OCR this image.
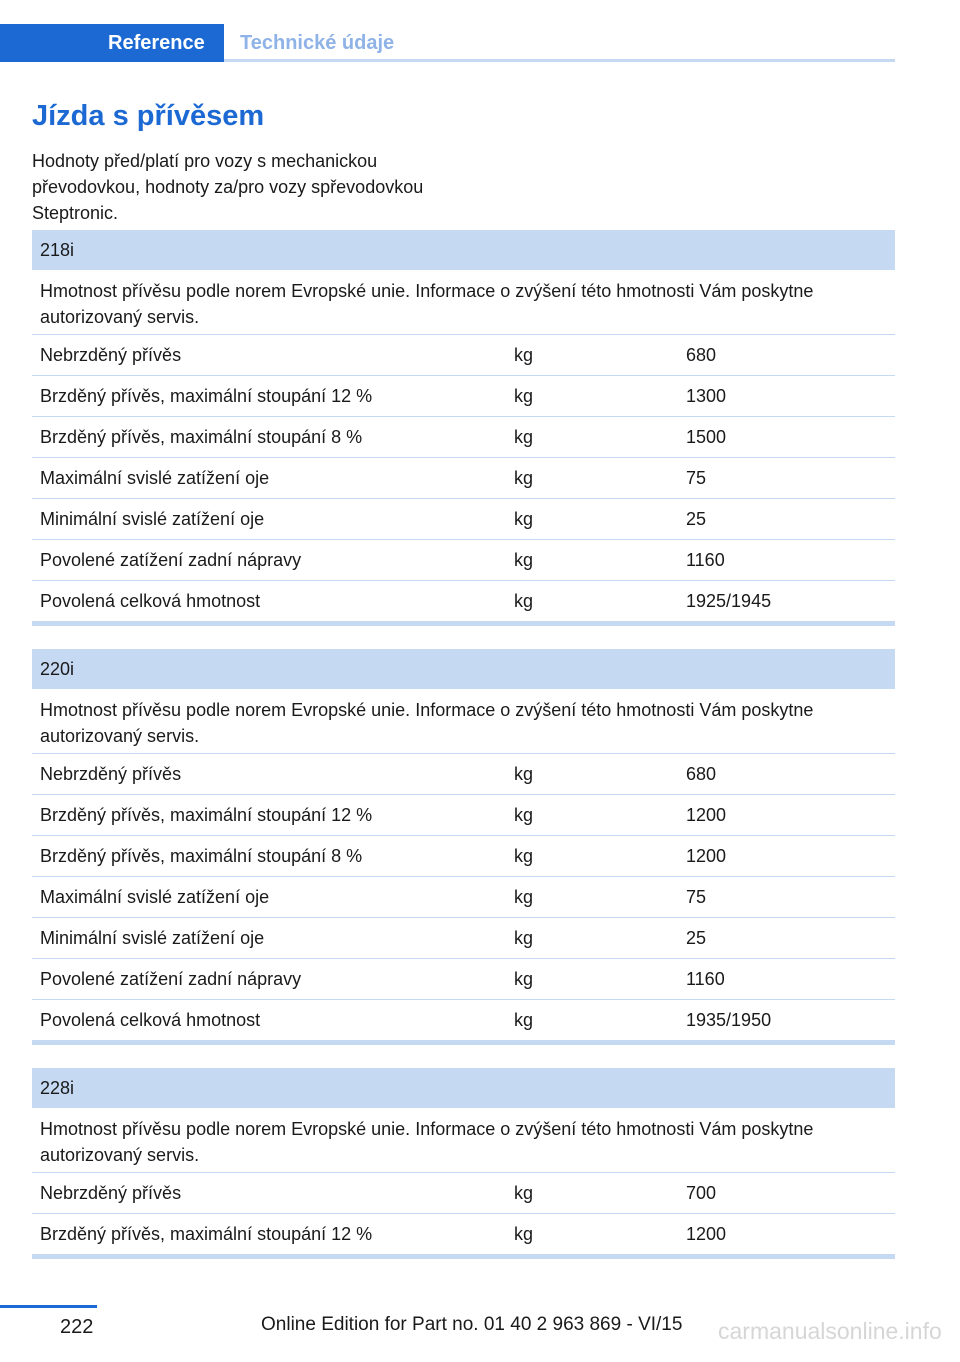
Reference	Technické údaje
Jízda s přívěsem
Hodnoty před/platí pro vozy s mechanickou převodovkou, hodnoty za/pro vozy spřevodovkou Steptronic.
218i
Hmotnost přívěsu podle norem Evropské unie. Informace o zvýšení této hmotnosti Vám poskytne autorizovaný servis.
Nebrzděný přívěs	kg	680
Brzděný přívěs, maximální stoupání 12 %	kg	1300
Brzděný přívěs, maximální stoupání 8 %	kg	1500
Maximální svislé zatížení oje	kg	75
Minimální svislé zatížení oje	kg	25
Povolené zatížení zadní nápravy	kg	1160
Povolená celková hmotnost	kg	1925/1945
220i
Hmotnost přívěsu podle norem Evropské unie. Informace o zvýšení této hmotnosti Vám poskytne autorizovaný servis.
Nebrzděný přívěs	kg	680
Brzděný přívěs, maximální stoupání 12 %	kg	1200
Brzděný přívěs, maximální stoupání 8 %	kg	1200
Maximální svislé zatížení oje	kg	75
Minimální svislé zatížení oje	kg	25
Povolené zatížení zadní nápravy	kg	1160
Povolená celková hmotnost	kg	1935/1950
228i
Hmotnost přívěsu podle norem Evropské unie. Informace o zvýšení této hmotnosti Vám poskytne autorizovaný servis.
Nebrzděný přívěs	kg	700
Brzděný přívěs, maximální stoupání 12 %	kg	1200
222	Online Edition for Part no. 01 40 2 963 869 - VI/15 carmanualsonline.info
